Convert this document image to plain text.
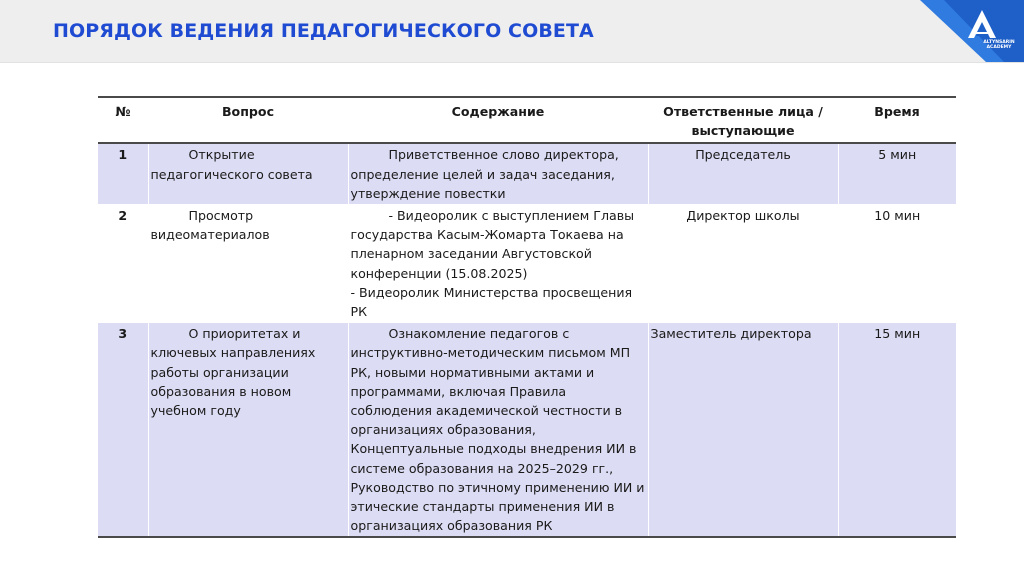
ПОРЯДОК ВЕДЕНИЯ ПЕДАГОГИЧЕСКОГО СОВЕТА
ALTYNSARIN
ACADEMY
№	Вопрос	Содержание	Ответственные лица / выступающие	Время
1	Открытие педагогического совета	Приветственное слово директора, определение целей и задач заседания, утверждение повестки	Председатель	5 мин
2	Просмотр видеоматериалов	- Видеоролик с выступлением Главы государства Касым-Жомарта Токаева на пленарном заседании Августовской конференции (15.08.2025)
- Видеоролик Министерства просвещения РК	Директор школы	10 мин
3	О приоритетах и ключевых направлениях работы организации образования в новом учебном году	Ознакомление педагогов с инструктивно-методическим письмом МП РК, новыми нормативными актами и программами, включая Правила соблюдения академической честности в организациях образования, Концептуальные подходы внедрения ИИ в системе образования на 2025–2029 гг., Руководство по этичному применению ИИ и этические стандарты применения ИИ в организациях образования РК	Заместитель директора	15 мин
